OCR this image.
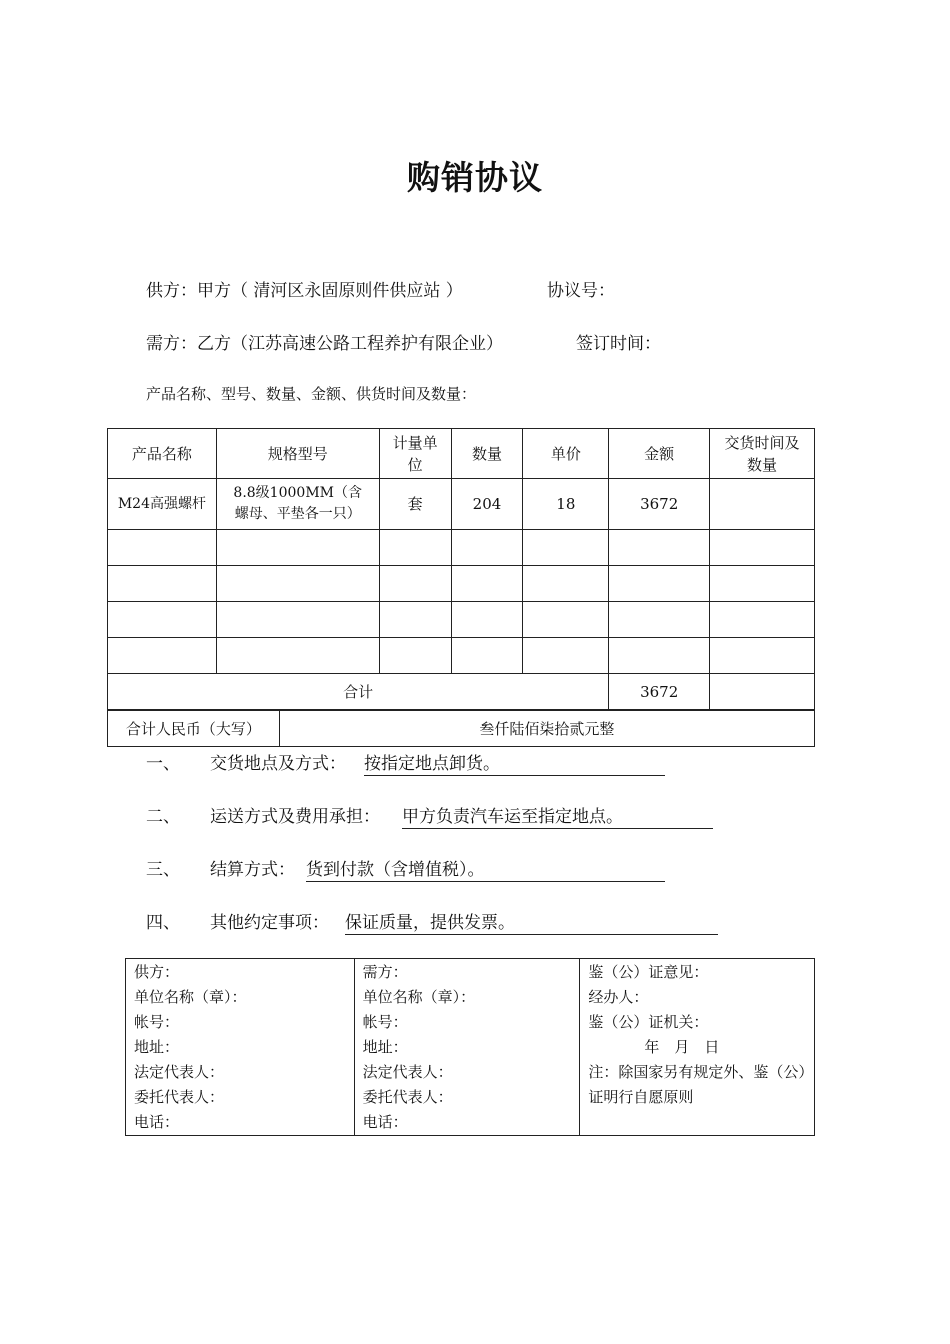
购销协议
供方：甲方（ 清河区永固原则件供应站 ）	协议号：
需方：乙方（江苏高速公路工程养护有限企业）	签订时间：
产品名称、型号、数量、金额、供货时间及数量：
产品名称	规格型号	计量单位	数量	单价	金额	交货时间及数量
M24高强螺杆	8.8级1000MM（含螺母、平垫各一只）	套	204	18	3672	

合计					3672	
合计人民币（大写）	叁仟陆佰柒拾贰元整
一、 交货地点及方式： 按指定地点卸货。
二、 运送方式及费用承担： 甲方负责汽车运至指定地点。
三、 结算方式： 货到付款（含增值税）。
四、 其他约定事项： 保证质量，提供发票。
供方：
单位名称（章）：
帐号：
地址：
法定代表人：
委托代表人：
电话：

需方：
单位名称（章）：
帐号：
地址：
法定代表人：
委托代表人：
电话：

鉴（公）证意见：
经办人：
鉴（公）证机关：
年　月　日
注：除国家另有规定外、鉴（公）证明行自愿原则
